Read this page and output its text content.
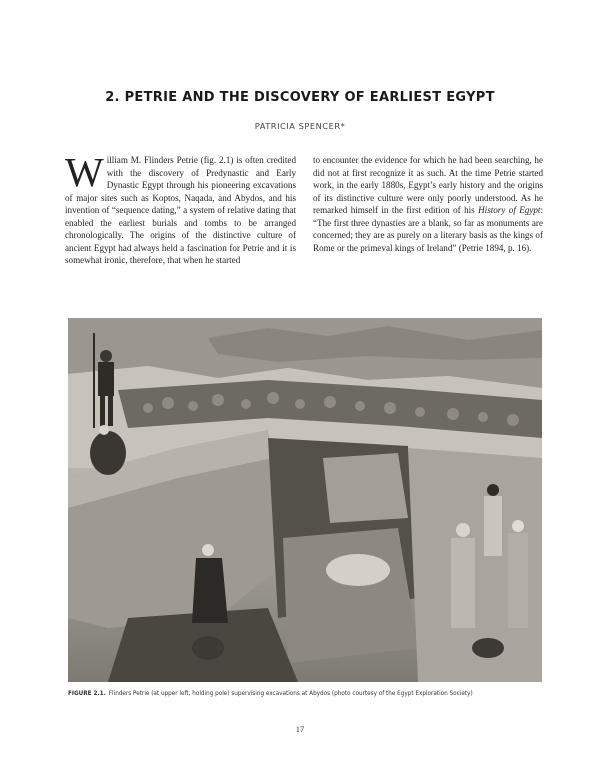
2. PETRIE AND THE DISCOVERY OF EARLIEST EGYPT
PATRICIA SPENCER*
William M. Flinders Petrie (fig. 2.1) is often credited with the discovery of Predynastic and Early Dynastic Egypt through his pioneering excavations of major sites such as Koptos, Naqada, and Abydos, and his invention of “sequence dating,” a system of relative dating that enabled the earliest burials and tombs to be arranged chronologically. The origins of the distinctive culture of ancient Egypt had always held a fascination for Petrie and it is somewhat ironic, therefore, that when he started
to encounter the evidence for which he had been searching, he did not at first recognize it as such. At the time Petrie started work, in the early 1880s, Egypt’s early history and the origins of its distinctive culture were only poorly understood. As he remarked himself in the first edition of his History of Egypt: “The first three dynasties are a blank, so far as monuments are concerned; they are as purely on a literary basis as the kings of Rome or the primeval kings of Ireland” (Petrie 1894, p. 16).
FIGURE 2.1. Flinders Petrie (at upper left, holding pole) supervising excavations at Abydos (photo courtesy of the Egypt Exploration Society)
17
